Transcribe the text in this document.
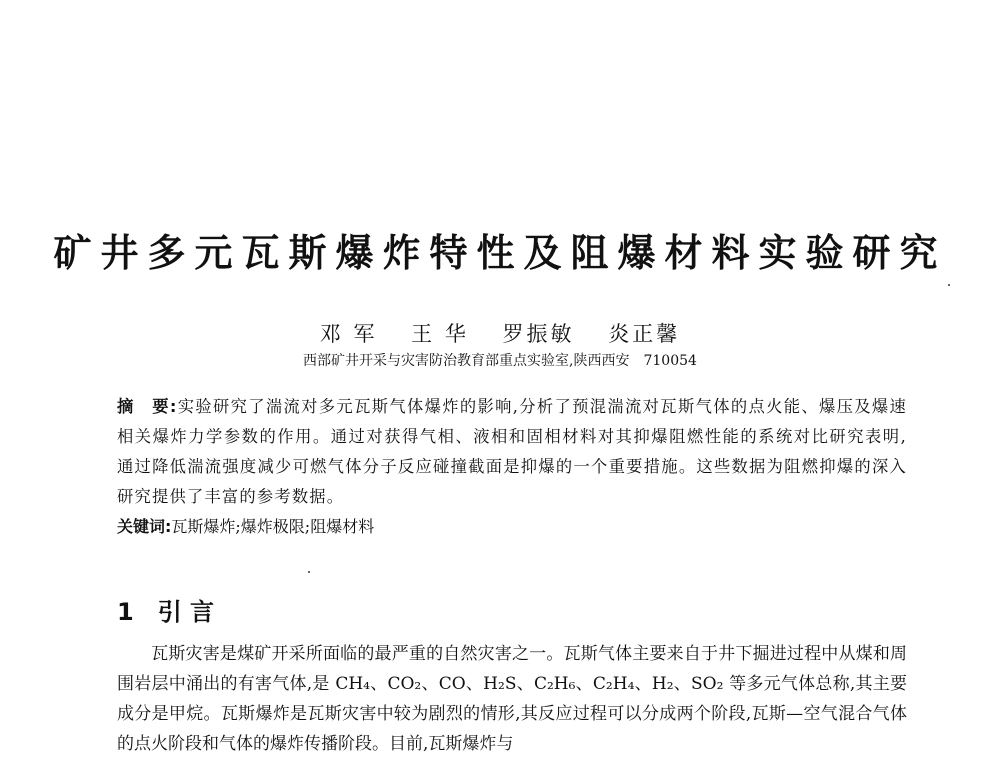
矿井多元瓦斯爆炸特性及阻爆材料实验研究
邓 军 王 华 罗振敏 炎正馨
西部矿井开采与灾害防治教育部重点实验室,陕西西安　710054
摘　要:实验研究了湍流对多元瓦斯气体爆炸的影响,分析了预混湍流对瓦斯气体的点火能、爆压及爆速相关爆炸力学参数的作用。通过对获得气相、液相和固相材料对其抑爆阻燃性能的系统对比研究表明,通过降低湍流强度减少可燃气体分子反应碰撞截面是抑爆的一个重要措施。这些数据为阻燃抑爆的深入研究提供了丰富的参考数据。
关键词:瓦斯爆炸;爆炸极限;阻爆材料
1 引 言
瓦斯灾害是煤矿开采所面临的最严重的自然灾害之一。瓦斯气体主要来自于井下掘进过程中从煤和周围岩层中涌出的有害气体,是 CH₄、CO₂、CO、H₂S、C₂H₆、C₂H₄、H₂、SO₂ 等多元气体总称,其主要成分是甲烷。瓦斯爆炸是瓦斯灾害中较为剧烈的情形,其反应过程可以分成两个阶段,瓦斯—空气混合气体的点火阶段和气体的爆炸传播阶段。目前,瓦斯爆炸与
